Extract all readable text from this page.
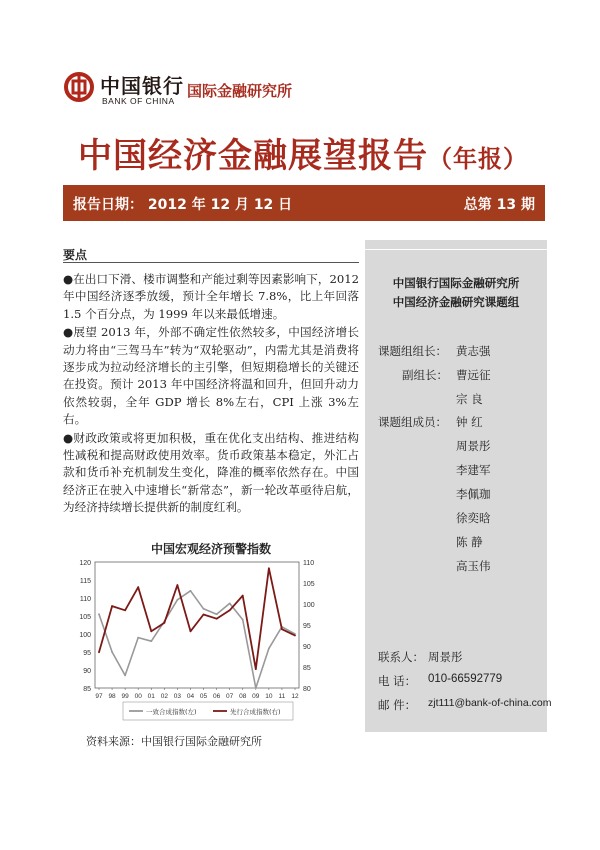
中国银行
BANK OF CHINA
国际金融研究所
中国经济金融展望报告（年报）
报告日期： 2012 年 12 月 12 日	总第 13 期
要点

●在出口下滑、楼市调整和产能过剩等因素影响下，2012 年中国经济逐季放缓，预计全年增长 7.8%，比上年回落 1.5 个百分点，为 1999 年以来最低增速。

●展望 2013 年，外部不确定性依然较多，中国经济增长动力将由“三驾马车”转为“双轮驱动”，内需尤其是消费将逐步成为拉动经济增长的主引擎，但短期稳增长的关键还在投资。预计 2013 年中国经济将温和回升，但回升动力依然较弱，全年 GDP 增长 8%左右，CPI 上涨 3%左右。

●财政政策或将更加积极，重在优化支出结构、推进结构性减税和提高财政使用效率。货币政策基本稳定，外汇占款和货币补充机制发生变化，降准的概率依然存在。中国经济正在驶入中速增长“新常态”，新一轮改革亟待启航，为经济持续增长提供新的制度红利。

中国宏观经济预警指数
85
90
95
100
105
110
115
120
80
85
90
95
100
105
110
97 98 99 00 01 02 03 04 05 06 07 08 09 10 11 12
一致合成指数(左)	先行合成指数(右)
资料来源：中国银行国际金融研究所
中国银行国际金融研究所
中国经济金融研究课题组
课题组组长： 黄志强
副组长： 曹远征
宗 良
课题组成员： 钟 红
周景彤
李建军
李佩珈
徐奕晗
陈 静
高玉伟
联系人： 周景彤
电 话： 010-66592779
邮 件： zjt111@bank-of-china.com
